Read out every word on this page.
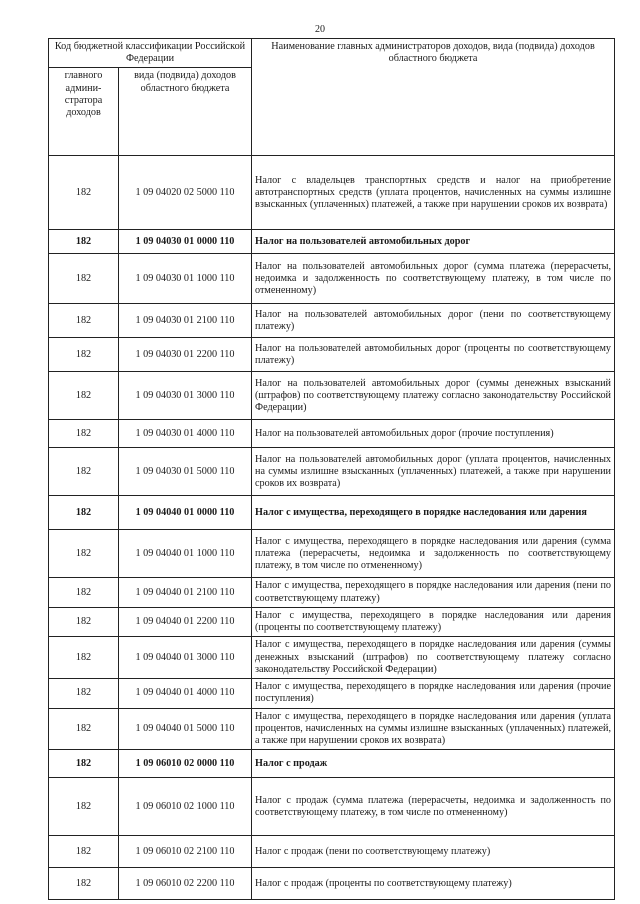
20
Код бюджетной классификации Российской Федерации		Наименование главных администраторов доходов, вида (подвида) доходов областного бюджета
главного админи-стратора доходов	вида (подвида) доходов областного бюджета	
182	1 09 04020 02 5000 110	Налог с владельцев транспортных средств и налог на приобретение автотранспортных средств (уплата процентов, начисленных на суммы излишне взысканных (уплаченных) платежей, а также при нарушении сроков их возврата)
182	1 09 04030 01 0000 110	Налог на пользователей автомобильных дорог
182	1 09 04030 01 1000 110	Налог на пользователей автомобильных дорог (сумма платежа (перерасчеты, недоимка и задолженность по соответствующему платежу, в том числе по отмененному)
182	1 09 04030 01 2100 110	Налог на пользователей автомобильных дорог (пени по соответствующему платежу)
182	1 09 04030 01 2200 110	Налог на пользователей автомобильных дорог (проценты по соответствующему платежу)
182	1 09 04030 01 3000 110	Налог на пользователей автомобильных дорог (суммы денежных взысканий (штрафов) по соответствующему платежу согласно законодательству Российской Федерации)
182	1 09 04030 01 4000 110	Налог на пользователей автомобильных дорог (прочие поступления)
182	1 09 04030 01 5000 110	Налог на пользователей автомобильных дорог (уплата процентов, начисленных на суммы излишне взысканных (уплаченных) платежей, а также при нарушении сроков их возврата)
182	1 09 04040 01 0000 110	Налог с имущества, переходящего в порядке наследования или дарения
182	1 09 04040 01 1000 110	Налог с имущества, переходящего в порядке наследования или дарения (сумма платежа (перерасчеты, недоимка и задолженность по соответствующему платежу, в том числе по отмененному)
182	1 09 04040 01 2100 110	Налог с имущества, переходящего в порядке наследования или дарения (пени по соответствующему платежу)
182	1 09 04040 01 2200 110	Налог с имущества, переходящего в порядке наследования или дарения (проценты по соответствующему платежу)
182	1 09 04040 01 3000 110	Налог с имущества, переходящего в порядке наследования или дарения (суммы денежных взысканий (штрафов) по соответствующему платежу согласно законодательству Российской Федерации)
182	1 09 04040 01 4000 110	Налог с имущества, переходящего в порядке наследования или дарения (прочие поступления)
182	1 09 04040 01 5000 110	Налог с имущества, переходящего в порядке наследования или дарения (уплата процентов, начисленных на суммы излишне взысканных (уплаченных) платежей, а также при нарушении сроков их возврата)
182	1 09 06010 02 0000 110	Налог с продаж
182	1 09 06010 02 1000 110	Налог с продаж (сумма платежа (перерасчеты, недоимка и задолженность по соответствующему платежу, в том числе по отмененному)
182	1 09 06010 02 2100 110	Налог с продаж (пени по соответствующему платежу)
182	1 09 06010 02 2200 110	Налог с продаж (проценты по соответствующему платежу)
